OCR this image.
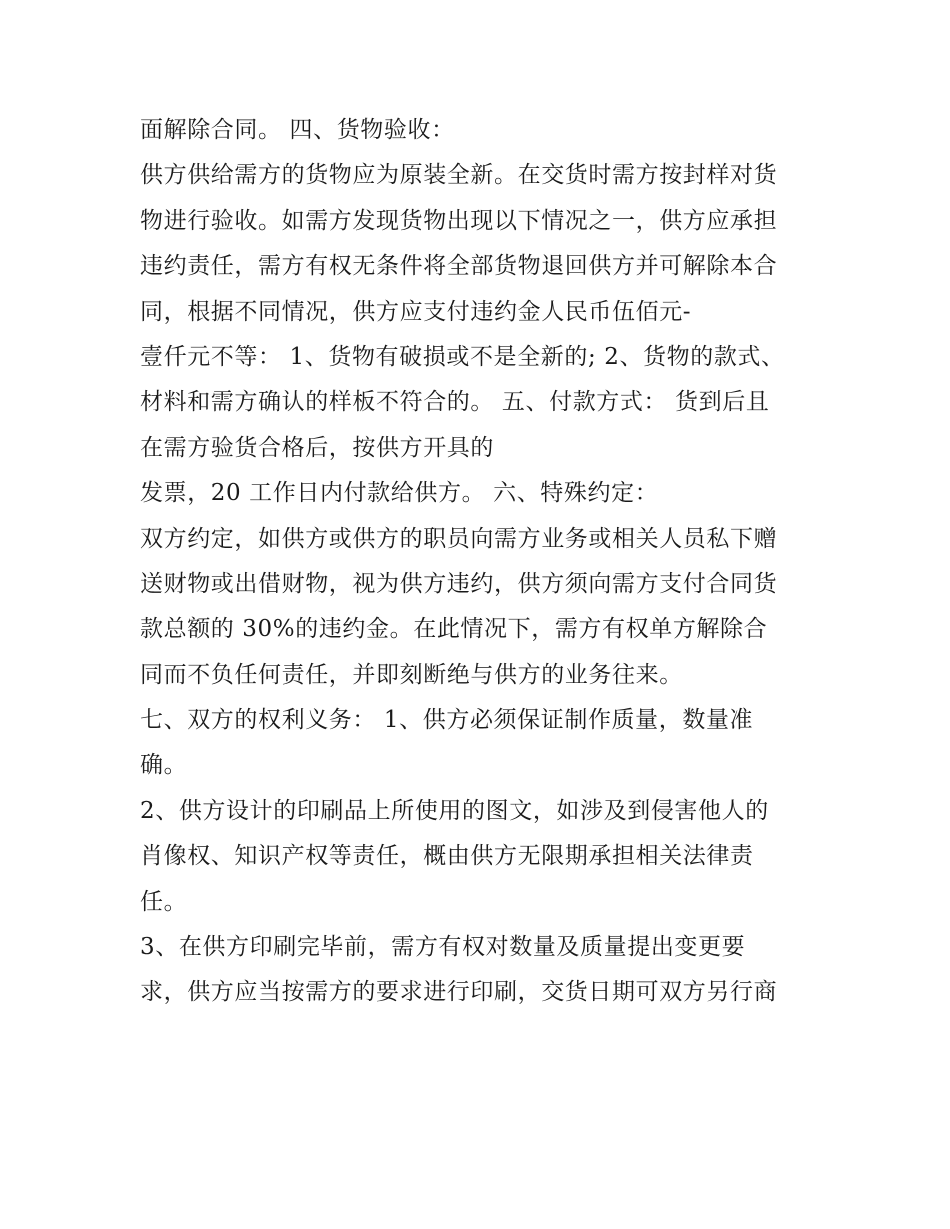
面解除合同。 四、货物验收：
供方供给需方的货物应为原装全新。在交货时需方按封样对货
物进行验收。如需方发现货物出现以下情况之一，供方应承担
违约责任，需方有权无条件将全部货物退回供方并可解除本合
同，根据不同情况，供方应支付违约金人民币伍佰元-
壹仟元不等： 1、货物有破损或不是全新的; 2、货物的款式、
材料和需方确认的样板不符合的。 五、付款方式： 货到后且
在需方验货合格后，按供方开具的
发票，20 工作日内付款给供方。 六、特殊约定：
双方约定，如供方或供方的职员向需方业务或相关人员私下赠
送财物或出借财物，视为供方违约，供方须向需方支付合同货
款总额的 30%的违约金。在此情况下，需方有权单方解除合
同而不负任何责任，并即刻断绝与供方的业务往来。
七、双方的权利义务： 1、供方必须保证制作质量，数量准
确。
2、供方设计的印刷品上所使用的图文，如涉及到侵害他人的
肖像权、知识产权等责任，概由供方无限期承担相关法律责
任。
3、在供方印刷完毕前，需方有权对数量及质量提出变更要
求，供方应当按需方的要求进行印刷，交货日期可双方另行商
